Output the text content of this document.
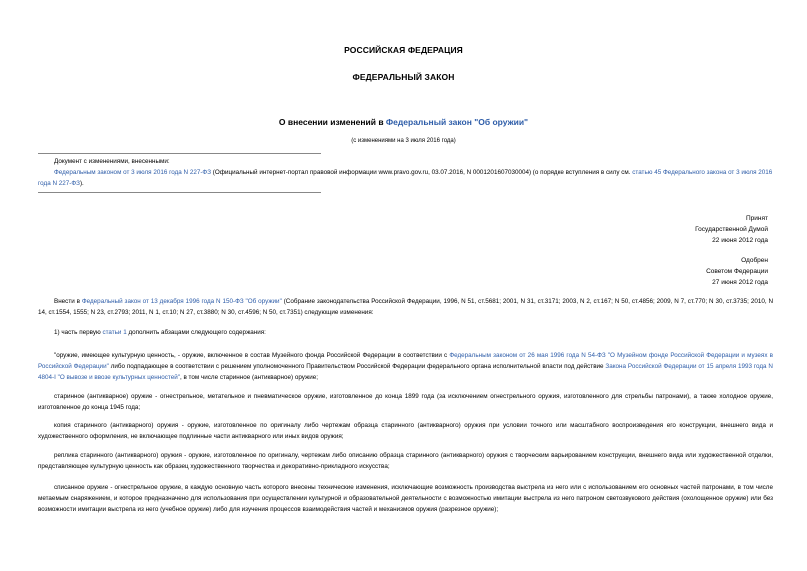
РОССИЙСКАЯ ФЕДЕРАЦИЯ
ФЕДЕРАЛЬНЫЙ ЗАКОН
О внесении изменений в Федеральный закон "Об оружии"
(с изменениями на 3 июля 2016 года)

Документ с изменениями, внесенными:

Федеральным законом от 3 июля 2016 года N 227-ФЗ (Официальный интернет-портал правовой информации www.pravo.gov.ru, 03.07.2016, N 0001201607030004) (о порядке вступления в силу см. статью 45 Федерального закона от 3 июля 2016 года N 227-ФЗ).

Принят
Государственной Думой
22 июня 2012 года
Одобрен
Советом Федерации
27 июня 2012 года
Внести в Федеральный закон от 13 декабря 1996 года N 150-ФЗ "Об оружии" (Собрание законодательства Российской Федерации, 1996, N 51, ст.5681; 2001, N 31, ст.3171; 2003, N 2, ст.167; N 50, ст.4856; 2009, N 7, ст.770; N 30, ст.3735; 2010, N 14, ст.1554, 1555; N 23, ст.2793; 2011, N 1, ст.10; N 27, ст.3880; N 30, ст.4596; N 50, ст.7351) следующие изменения:
1) часть первую статьи 1 дополнить абзацами следующего содержания:
"оружие, имеющее культурную ценность, - оружие, включенное в состав Музейного фонда Российской Федерации в соответствии с Федеральным законом от 26 мая 1996 года N 54-ФЗ "О Музейном фонде Российской Федерации и музеях в Российской Федерации" либо подпадающее в соответствии с решением уполномоченного Правительством Российской Федерации федерального органа исполнительной власти под действие Закона Российской Федерации от 15 апреля 1993 года N 4804-I "О вывозе и ввозе культурных ценностей", в том числе старинное (антикварное) оружие;
старинное (антикварное) оружие - огнестрельное, метательное и пневматическое оружие, изготовленное до конца 1899 года (за исключением огнестрельного оружия, изготовленного для стрельбы патронами), а также холодное оружие, изготовленное до конца 1945 года;
копия старинного (антикварного) оружия - оружие, изготовленное по оригиналу либо чертежам образца старинного (антикварного) оружия при условии точного или масштабного воспроизведения его конструкции, внешнего вида и художественного оформления, не включающее подлинные части антикварного или иных видов оружия;
реплика старинного (антикварного) оружия - оружие, изготовленное по оригиналу, чертежам либо описанию образца старинного (антикварного) оружия с творческим варьированием конструкции, внешнего вида или художественной отделки, представляющее культурную ценность как образец художественного творчества и декоративно-прикладного искусства;
списанное оружие - огнестрельное оружие, в каждую основную часть которого внесены технические изменения, исключающие возможность производства выстрела из него или с использованием его основных частей патронами, в том числе метаемым снаряжением, и которое предназначено для использования при осуществлении культурной и образовательной деятельности с возможностью имитации выстрела из него патроном светозвукового действия (охолощенное оружие) или без возможности имитации выстрела из него (учебное оружие) либо для изучения процессов взаимодействия частей и механизмов оружия (разрезное оружие);
